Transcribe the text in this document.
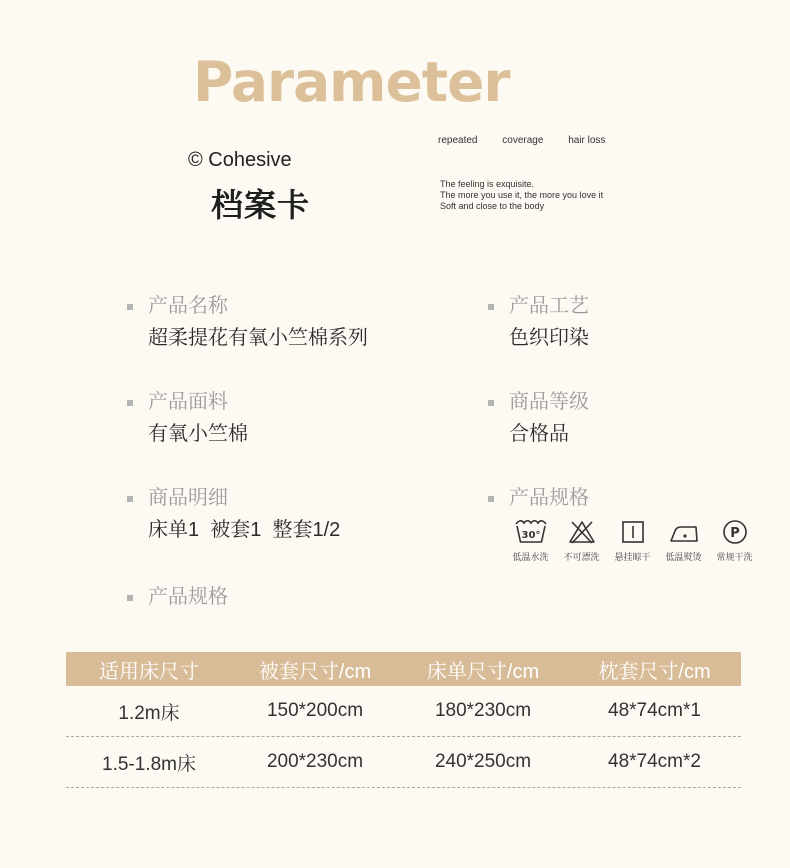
Parameter
© Cohesive
档案卡
repeated coverage hair loss
The feeling is exquisite.
The more you use it, the more you love it
Soft and close to the body
产品名称
超柔提花有氧小竺棉系列
产品工艺
色织印染
产品面料
有氧小竺棉
商品等级
合格品
商品明细
床单1  被套1  整套1/2
产品规格
30°
低温水洗 不可漂洗 悬挂晾干 低温熨烫
P
常规干洗
产品规格
适用床尺寸	被套尺寸/cm	床单尺寸/cm	枕套尺寸/cm
1.2m床	150*200cm	180*230cm	48*74cm*1
1.5-1.8m床	200*230cm	240*250cm	48*74cm*2
